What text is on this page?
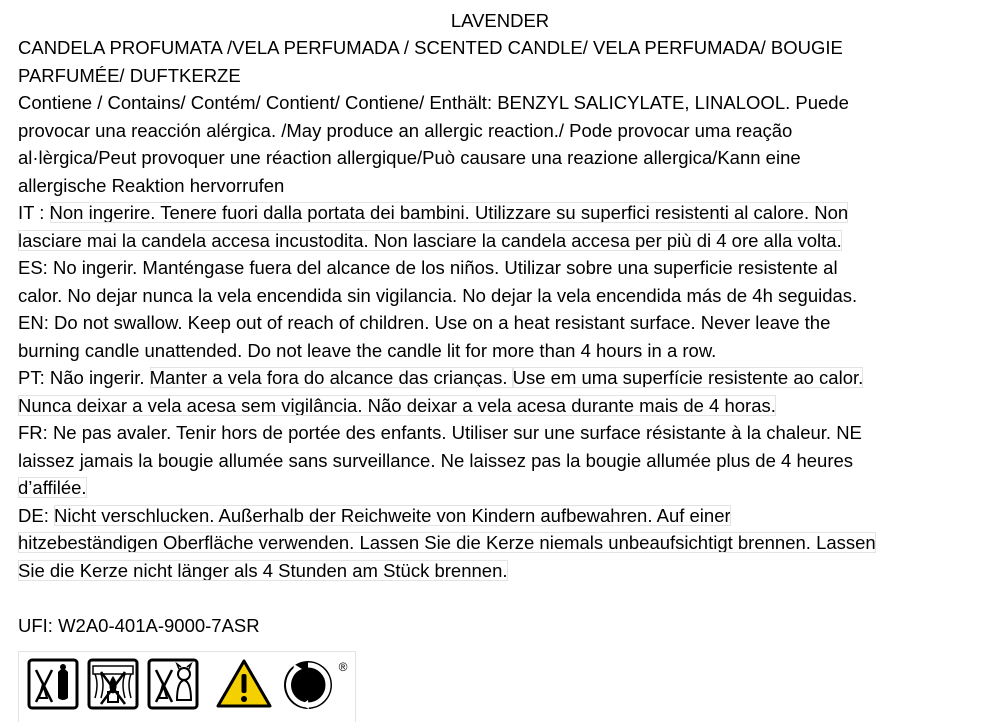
LAVENDER
CANDELA PROFUMATA /VELA PERFUMADA / SCENTED CANDLE/ VELA PERFUMADA/ BOUGIE
PARFUMÉE/ DUFTKERZE
Contiene / Contains/ Contém/ Contient/ Contiene/ Enthält: BENZYL SALICYLATE, LINALOOL. Puede
provocar una reacción alérgica. /May produce an allergic reaction./ Pode provocar uma reação
al·lèrgica/Peut provoquer une réaction allergique/Può causare una reazione allergica/Kann eine
allergische Reaktion hervorrufen
IT : Non ingerire. Tenere fuori dalla portata dei bambini. Utilizzare su superfici resistenti al calore. Non
lasciare mai la candela accesa incustodita. Non lasciare la candela accesa per più di 4 ore alla volta.
ES: No ingerir. Manténgase fuera del alcance de los niños. Utilizar sobre una superficie resistente al
calor. No dejar nunca la vela encendida sin vigilancia. No dejar la vela encendida más de 4h seguidas.
EN: Do not swallow. Keep out of reach of children. Use on a heat resistant surface. Never leave the
burning candle unattended. Do not leave the candle lit for more than 4 hours in a row.
PT: Não ingerir. Manter a vela fora do alcance das crianças. Use em uma superfície resistente ao calor.
Nunca deixar a vela acesa sem vigilância. Não deixar a vela acesa durante mais de 4 horas.
FR: Ne pas avaler. Tenir hors de portée des enfants. Utiliser sur une surface résistante à la chaleur. NE
laissez jamais la bougie allumée sans surveillance. Ne laissez pas la bougie allumée plus de 4 heures
d’affilée.
DE: Nicht verschlucken. Außerhalb der Reichweite von Kindern aufbewahren. Auf einer
hitzebeständigen Oberfläche verwenden. Lassen Sie die Kerze niemals unbeaufsichtigt brennen. Lassen
Sie die Kerze nicht länger als 4 Stunden am Stück brennen.
UFI: W2A0-401A-9000-7ASR
®
